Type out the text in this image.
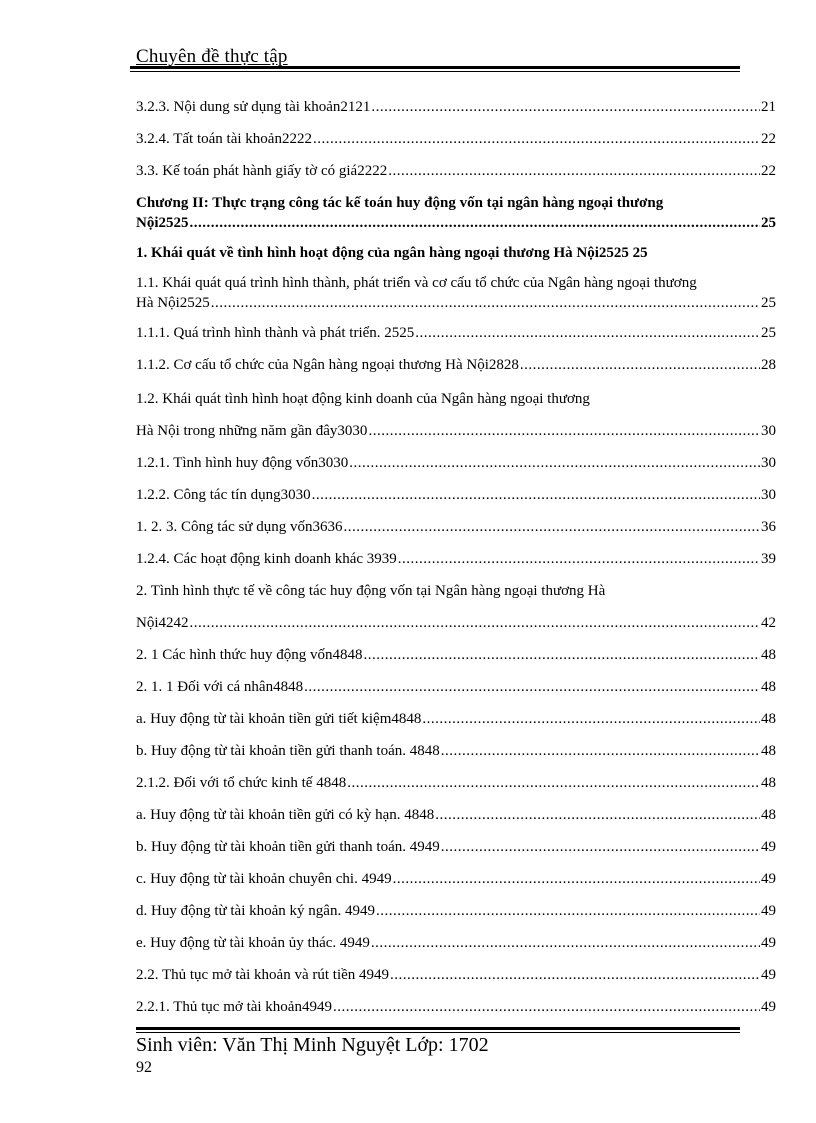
Chuyên đề thực tập
3.2.3. Nội dung sử dụng tài khoản2121 .....	21
3.2.4. Tất toán tài khoản2222 .....	22
3.3. Kế toán phát hành giấy tờ có giá2222 .....	22
Chương II: Thực trạng công tác kế toán huy động vốn tại ngân hàng ngoại thương
Nội2525 .....	25
1. Khái quát về tình hình hoạt động của ngân hàng ngoại thương Hà Nội2525 25
1.1. Khái quát quá trình hình thành, phát triển và cơ cấu tổ chức của Ngân hàng ngoại thương
Hà Nội2525 .....	25
1.1.1. Quá trình hình thành và phát triển. 2525 .....	25
1.1.2. Cơ cấu tổ chức của Ngân hàng ngoại thương Hà Nội2828 .....	28
1.2. Khái quát tình hình hoạt động kinh doanh của Ngân hàng ngoại thương
Hà Nội trong những năm gần đây3030 .....	30
1.2.1. Tình hình huy động vốn3030 .....	30
1.2.2. Công tác tín dụng3030 .....	30
1. 2. 3. Công tác sử dụng vốn3636 .....	36
1.2.4. Các hoạt động kinh doanh khác 3939 .....	39
2. Tình hình thực tế về công tác huy động vốn tại Ngân hàng ngoại thương Hà
Nội4242 .....	42
2. 1 Các hình thức huy động vốn4848 .....	48
2. 1. 1 Đối với cá nhân4848 .....	48
a. Huy động từ tài khoản tiền gửi tiết kiệm4848 .....	48
b. Huy động từ tài khoản tiền gửi thanh toán. 4848 .....	48
2.1.2. Đối với tổ chức kinh tế 4848 .....	48
a. Huy động từ tài khoản tiền gửi có kỳ hạn. 4848 .....	48
b. Huy động từ tài khoản tiền gửi thanh toán. 4949 .....	49
c. Huy động từ tài khoản chuyên chi. 4949 .....	49
d. Huy động từ tài khoản ký ngân. 4949 .....	49
e. Huy động từ tài khoản ủy thác. 4949 .....	49
2.2. Thủ tục mở tài khoản và rút tiền 4949 .....	49
2.2.1. Thủ tục mở tài khoản4949 .....	49
Sinh viên: Văn Thị Minh Nguyệt Lớp: 1702
92
